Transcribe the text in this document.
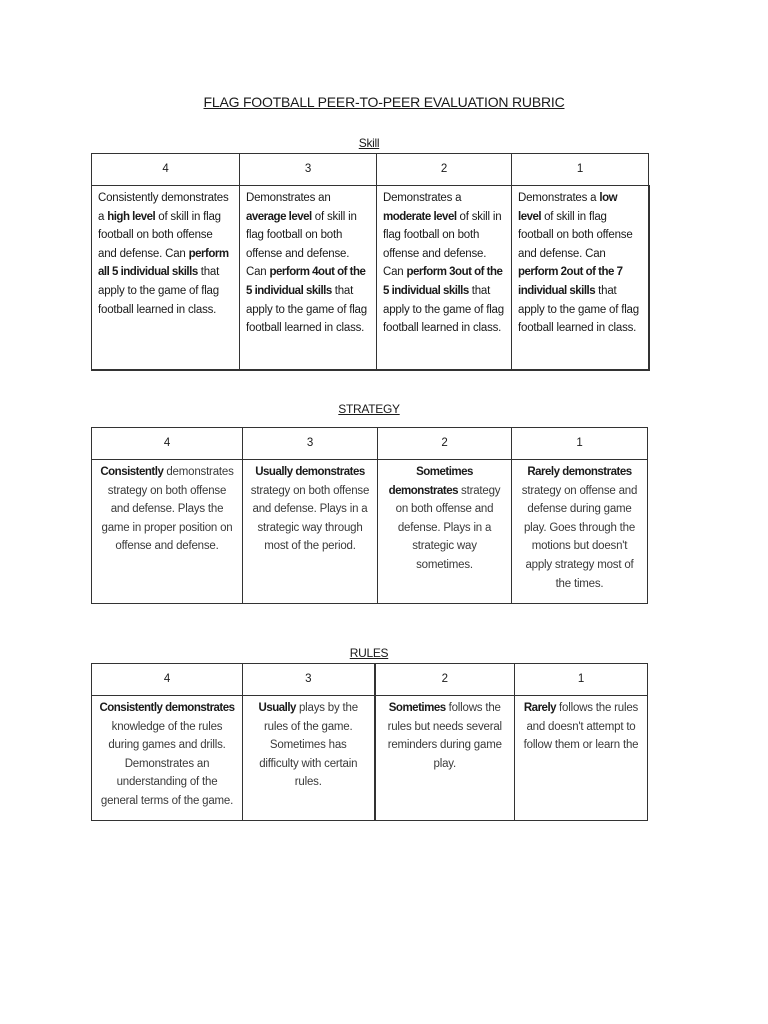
FLAG FOOTBALL PEER-TO-PEER EVALUATION RUBRIC
Skill
4	3	2	1

Consistently demonstrates a high level of skill in flag football on both offense and defense. Can perform all 5 individual skills that apply to the game of flag football learned in class.	Demonstrates an average level of skill in flag football on both offense and defense. Can perform 4out of the 5 individual skills that apply to the game of flag football learned in class.	Demonstrates a moderate level of skill in flag football on both offense and defense. Can perform 3out of the 5 individual skills that apply to the game of flag football learned in class.	Demonstrates a low level of skill in flag football on both offense and defense. Can perform 2out of the 7 individual skills that apply to the game of flag football learned in class.
STRATEGY
4	3	2	1

Consistently demonstrates strategy on both offense and defense. Plays the game in proper position on offense and defense.	Usually demonstrates strategy on both offense and defense. Plays in a strategic way through most of the period.	Sometimes demonstrates strategy on both offense and defense. Plays in a strategic way sometimes.	Rarely demonstrates strategy on offense and defense during game play. Goes through the motions but doesn't apply strategy most of the times.
RULES
4	3	2	1

Consistently demonstrates knowledge of the rules during games and drills. Demonstrates an understanding of the general terms of the game.	Usually plays by the rules of the game. Sometimes has difficulty with certain rules.	Sometimes follows the rules but needs several reminders during game play.	Rarely follows the rules and doesn't attempt to follow them or learn the
